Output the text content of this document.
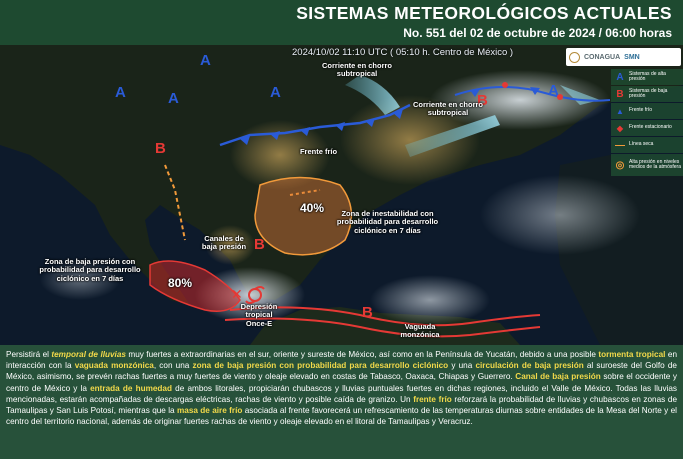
SISTEMAS METEOROLÓGICOS ACTUALES
No. 551 del 02 de octubre de 2024 / 06:00 horas
✕
A
A	A	A	A
B
B
B
B
2024/10/02 11:10 UTC ( 05:10 h. Centro de México )	CONAGUA SMN
Corriente en chorro subtropical
Corriente en chorro subtropical
Frente frío
Zona de inestabilidad con probabilidad para desarrollo ciclónico en 7 días
40%
Zona de baja presión con probabilidad para desarrollo ciclónico en 7 días	80%
Canales de baja presión
Depresión tropical Once-E	Vaguada monzónica
A	Sistemas de alta presión
B	Sistemas de baja presión
▲	Frente frío
◆	Frente estacionario
— Línea seca
◎ Alta presión en niveles medios de la atmósfera

Persistirá el temporal de lluvias muy fuertes a extraordinarias en el sur, oriente y sureste de México, así como en la Península de Yucatán, debido a una posible tormenta tropical en interacción con la vaguada monzónica, con una zona de baja presión con probabilidad para desarrollo ciclónico y una circulación de baja presión al suroeste del Golfo de México, asimismo, se prevén rachas fuertes a muy fuertes de viento y oleaje elevado en costas de Tabasco, Oaxaca, Chiapas y Guerrero. Canal de baja presión sobre el occidente y centro de México y la entrada de humedad de ambos litorales, propiciarán chubascos y lluvias puntuales fuertes en dichas regiones, incluido el Valle de México. Todas las lluvias mencionadas, estarán acompañadas de descargas eléctricas, rachas de viento y posible caída de granizo. Un frente frío reforzará la probabilidad de lluvias y chubascos en zonas de Tamaulipas y San Luis Potosí, mientras que la masa de aire frío asociada al frente favorecerá un refrescamiento de las temperaturas diurnas sobre entidades de la Mesa del Norte y el centro del territorio nacional, además de originar fuertes rachas de viento y oleaje elevado en el litoral de Tamaulipas y Veracruz.
